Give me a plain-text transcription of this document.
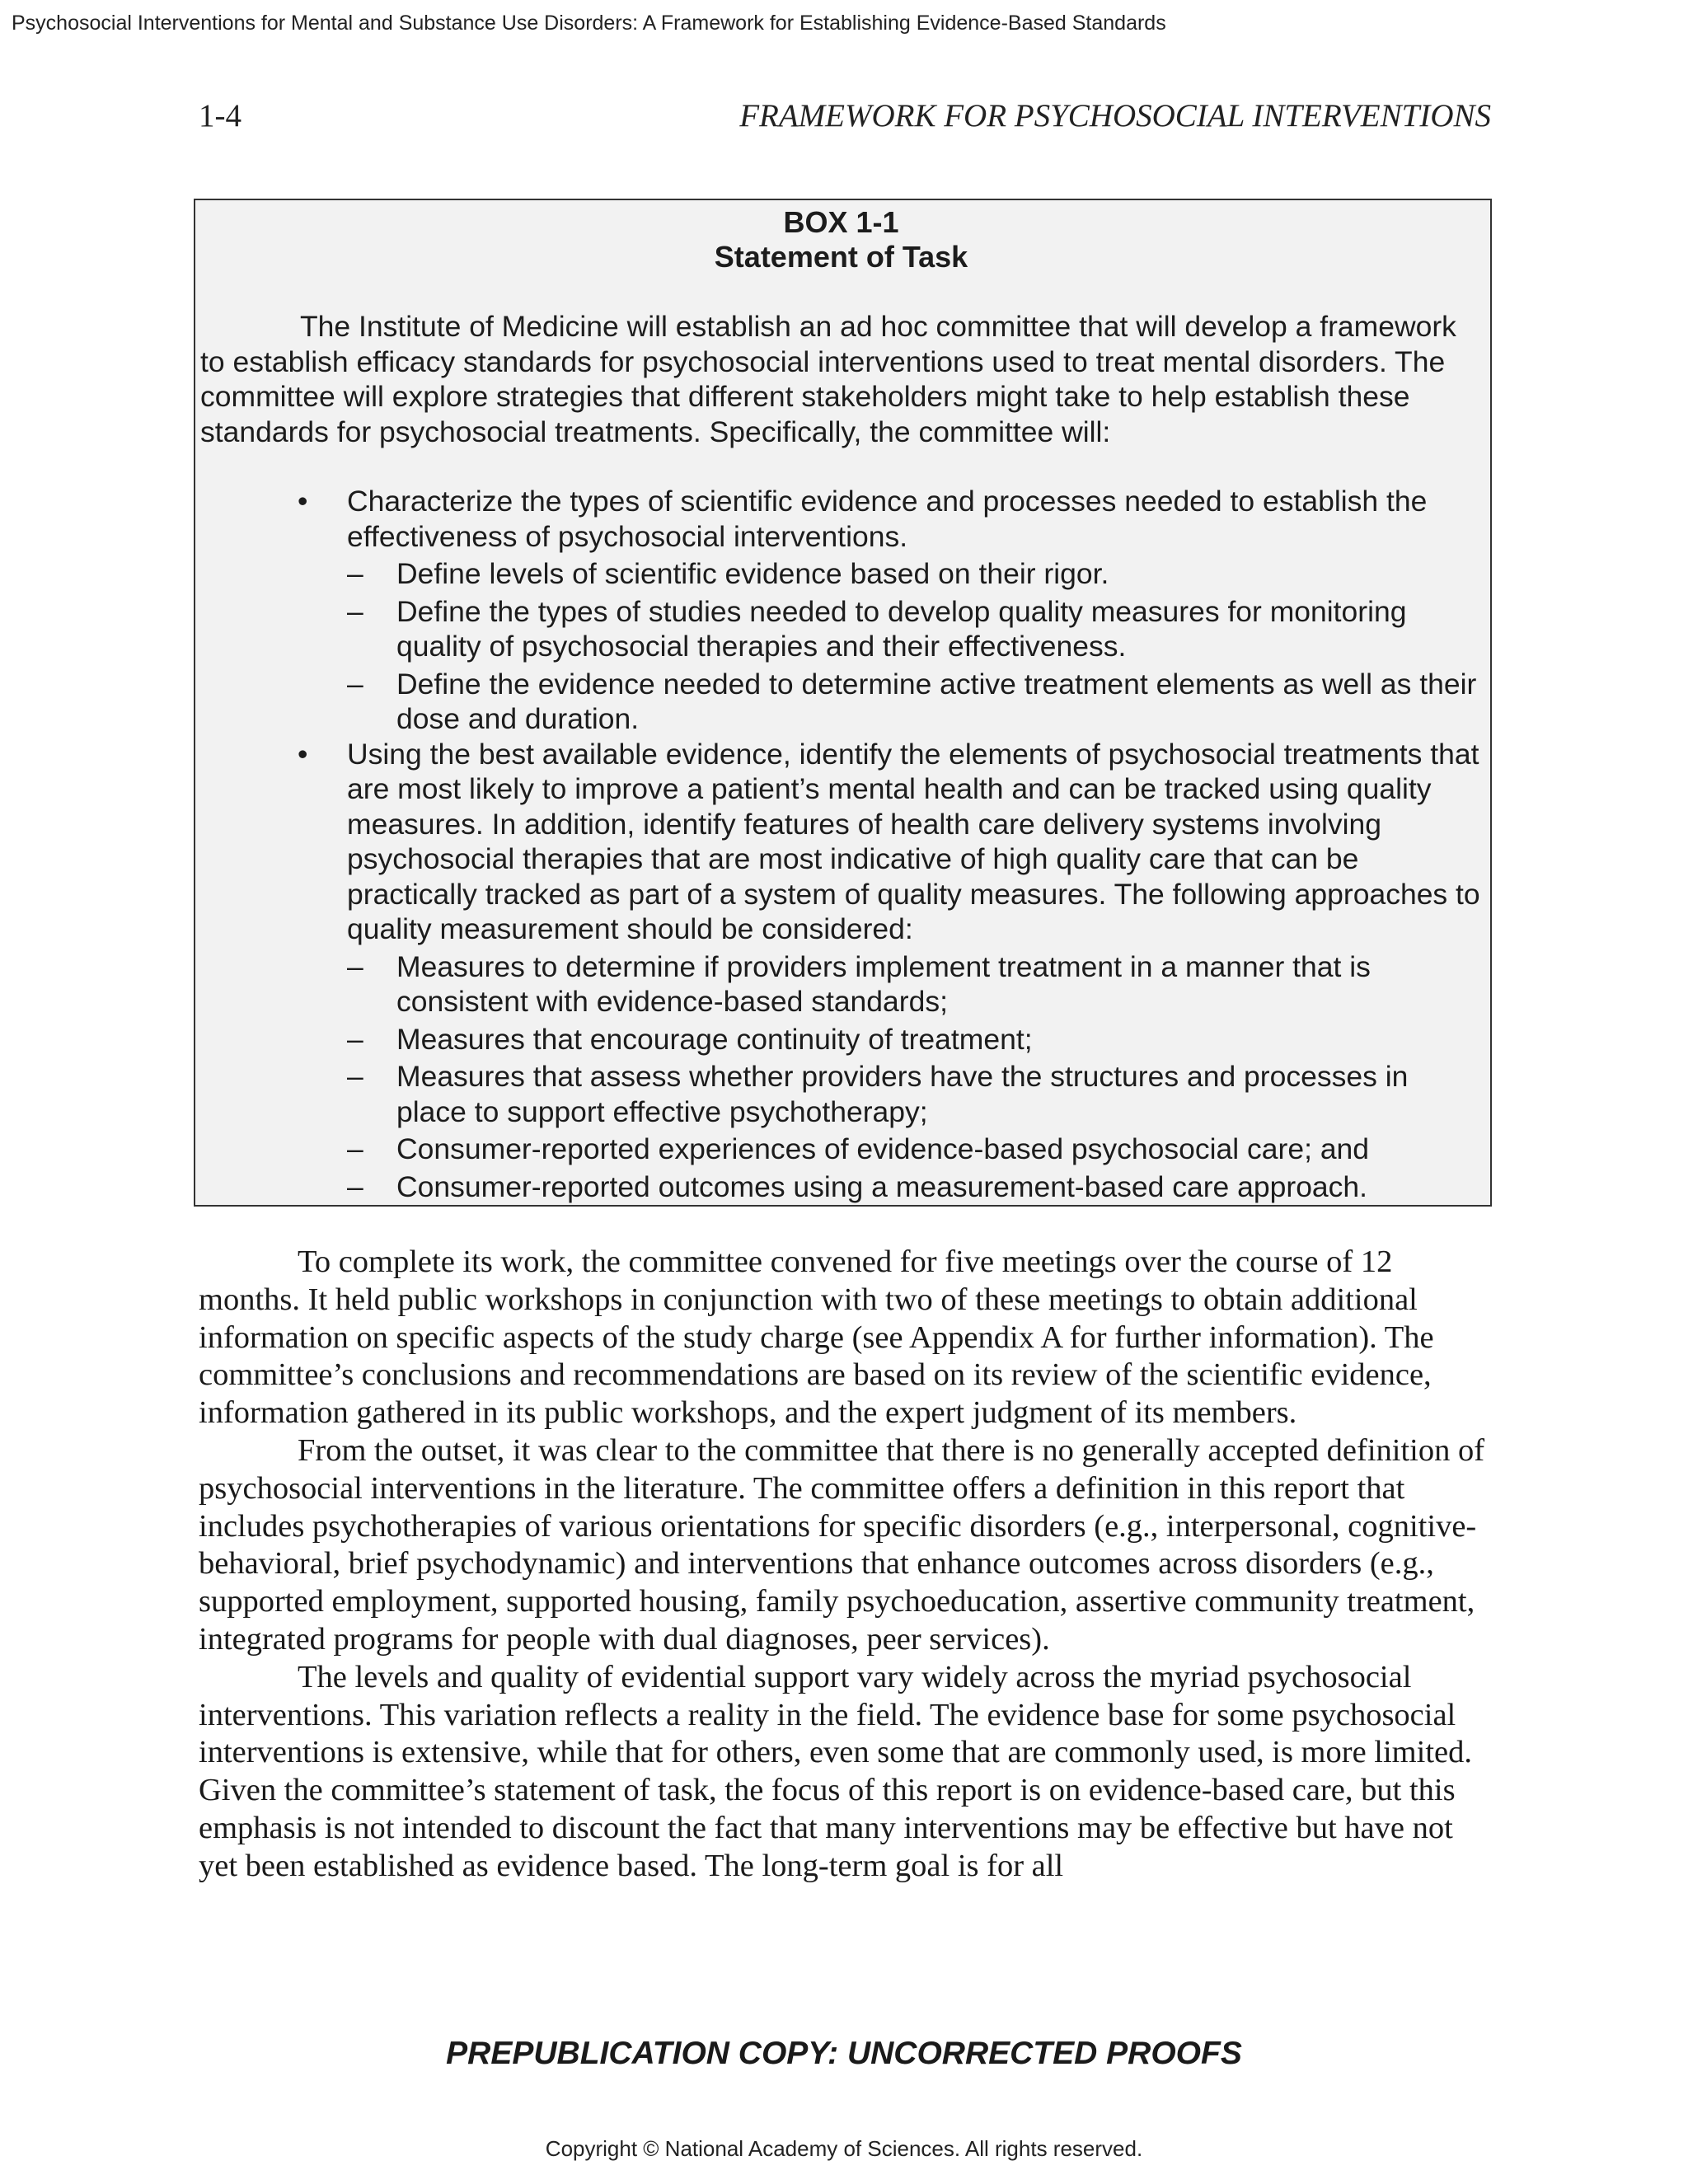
Psychosocial Interventions for Mental and Substance Use Disorders: A Framework for Establishing Evidence-Based Standards
1-4	FRAMEWORK FOR PSYCHOSOCIAL INTERVENTIONS
BOX 1-1
Statement of Task

The Institute of Medicine will establish an ad hoc committee that will develop a framework to establish efficacy standards for psychosocial interventions used to treat mental disorders. The committee will explore strategies that different stakeholders might take to help establish these standards for psychosocial treatments. Specifically, the committee will:

• Characterize the types of scientific evidence and processes needed to establish the effectiveness of psychosocial interventions.
– Define levels of scientific evidence based on their rigor.
– Define the types of studies needed to develop quality measures for monitoring quality of psychosocial therapies and their effectiveness.
– Define the evidence needed to determine active treatment elements as well as their dose and duration.
• Using the best available evidence, identify the elements of psychosocial treatments that are most likely to improve a patient’s mental health and can be tracked using quality measures. In addition, identify features of health care delivery systems involving psychosocial therapies that are most indicative of high quality care that can be practically tracked as part of a system of quality measures. The following approaches to quality measurement should be considered:
– Measures to determine if providers implement treatment in a manner that is consistent with evidence-based standards;
– Measures that encourage continuity of treatment;
– Measures that assess whether providers have the structures and processes in place to support effective psychotherapy;
– Consumer-reported experiences of evidence-based psychosocial care; and
– Consumer-reported outcomes using a measurement-based care approach.

To complete its work, the committee convened for five meetings over the course of 12 months. It held public workshops in conjunction with two of these meetings to obtain additional information on specific aspects of the study charge (see Appendix A for further information). The committee’s conclusions and recommendations are based on its review of the scientific evidence, information gathered in its public workshops, and the expert judgment of its members.

From the outset, it was clear to the committee that there is no generally accepted definition of psychosocial interventions in the literature. The committee offers a definition in this report that includes psychotherapies of various orientations for specific disorders (e.g., interpersonal, cognitive-behavioral, brief psychodynamic) and interventions that enhance outcomes across disorders (e.g., supported employment, supported housing, family psychoeducation, assertive community treatment, integrated programs for people with dual diagnoses, peer services).

The levels and quality of evidential support vary widely across the myriad psychosocial interventions. This variation reflects a reality in the field. The evidence base for some psychosocial interventions is extensive, while that for others, even some that are commonly used, is more limited. Given the committee’s statement of task, the focus of this report is on evidence-based care, but this emphasis is not intended to discount the fact that many interventions may be effective but have not yet been established as evidence based. The long-term goal is for all

PREPUBLICATION COPY: UNCORRECTED PROOFS
Copyright © National Academy of Sciences. All rights reserved.
